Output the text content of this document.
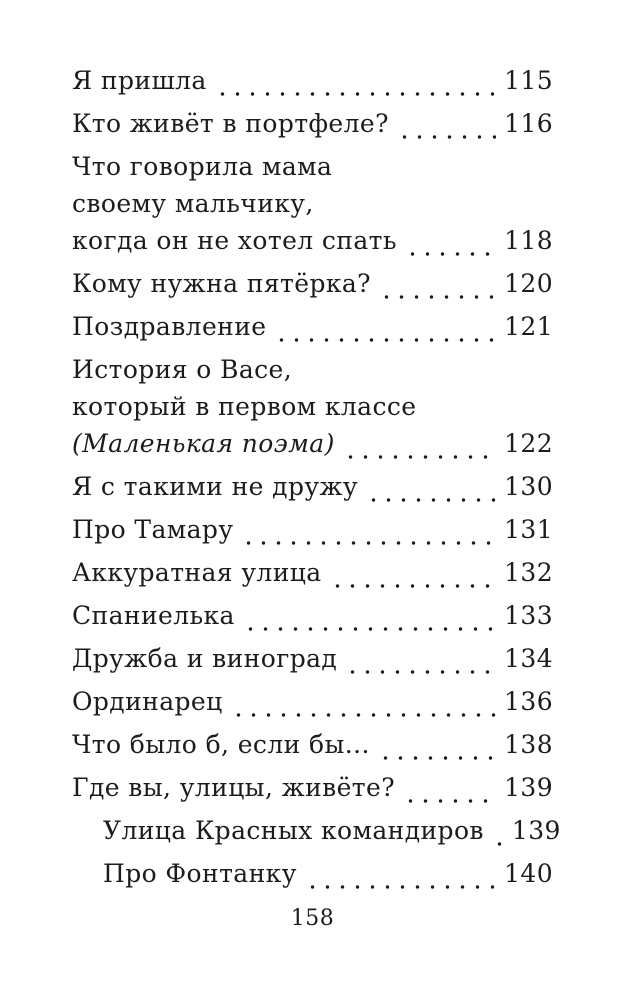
Я пришла	115
Кто живёт в портфеле?	116
Что говорила мама
своему мальчику,
когда он не хотел спать	118
Кому нужна пятёрка?	120
Поздравление	121
История о Васе,
который в первом классе
(Маленькая поэма)	122
Я с такими не дружу	130
Про Тамару	131
Аккуратная улица	132
Спаниелька	133
Дружба и виноград	134
Ординарец	136
Что было б, если бы...	138
Где вы, улицы, живёте?	139
Улица Красных командиров 139
Про Фонтанку	140
158
